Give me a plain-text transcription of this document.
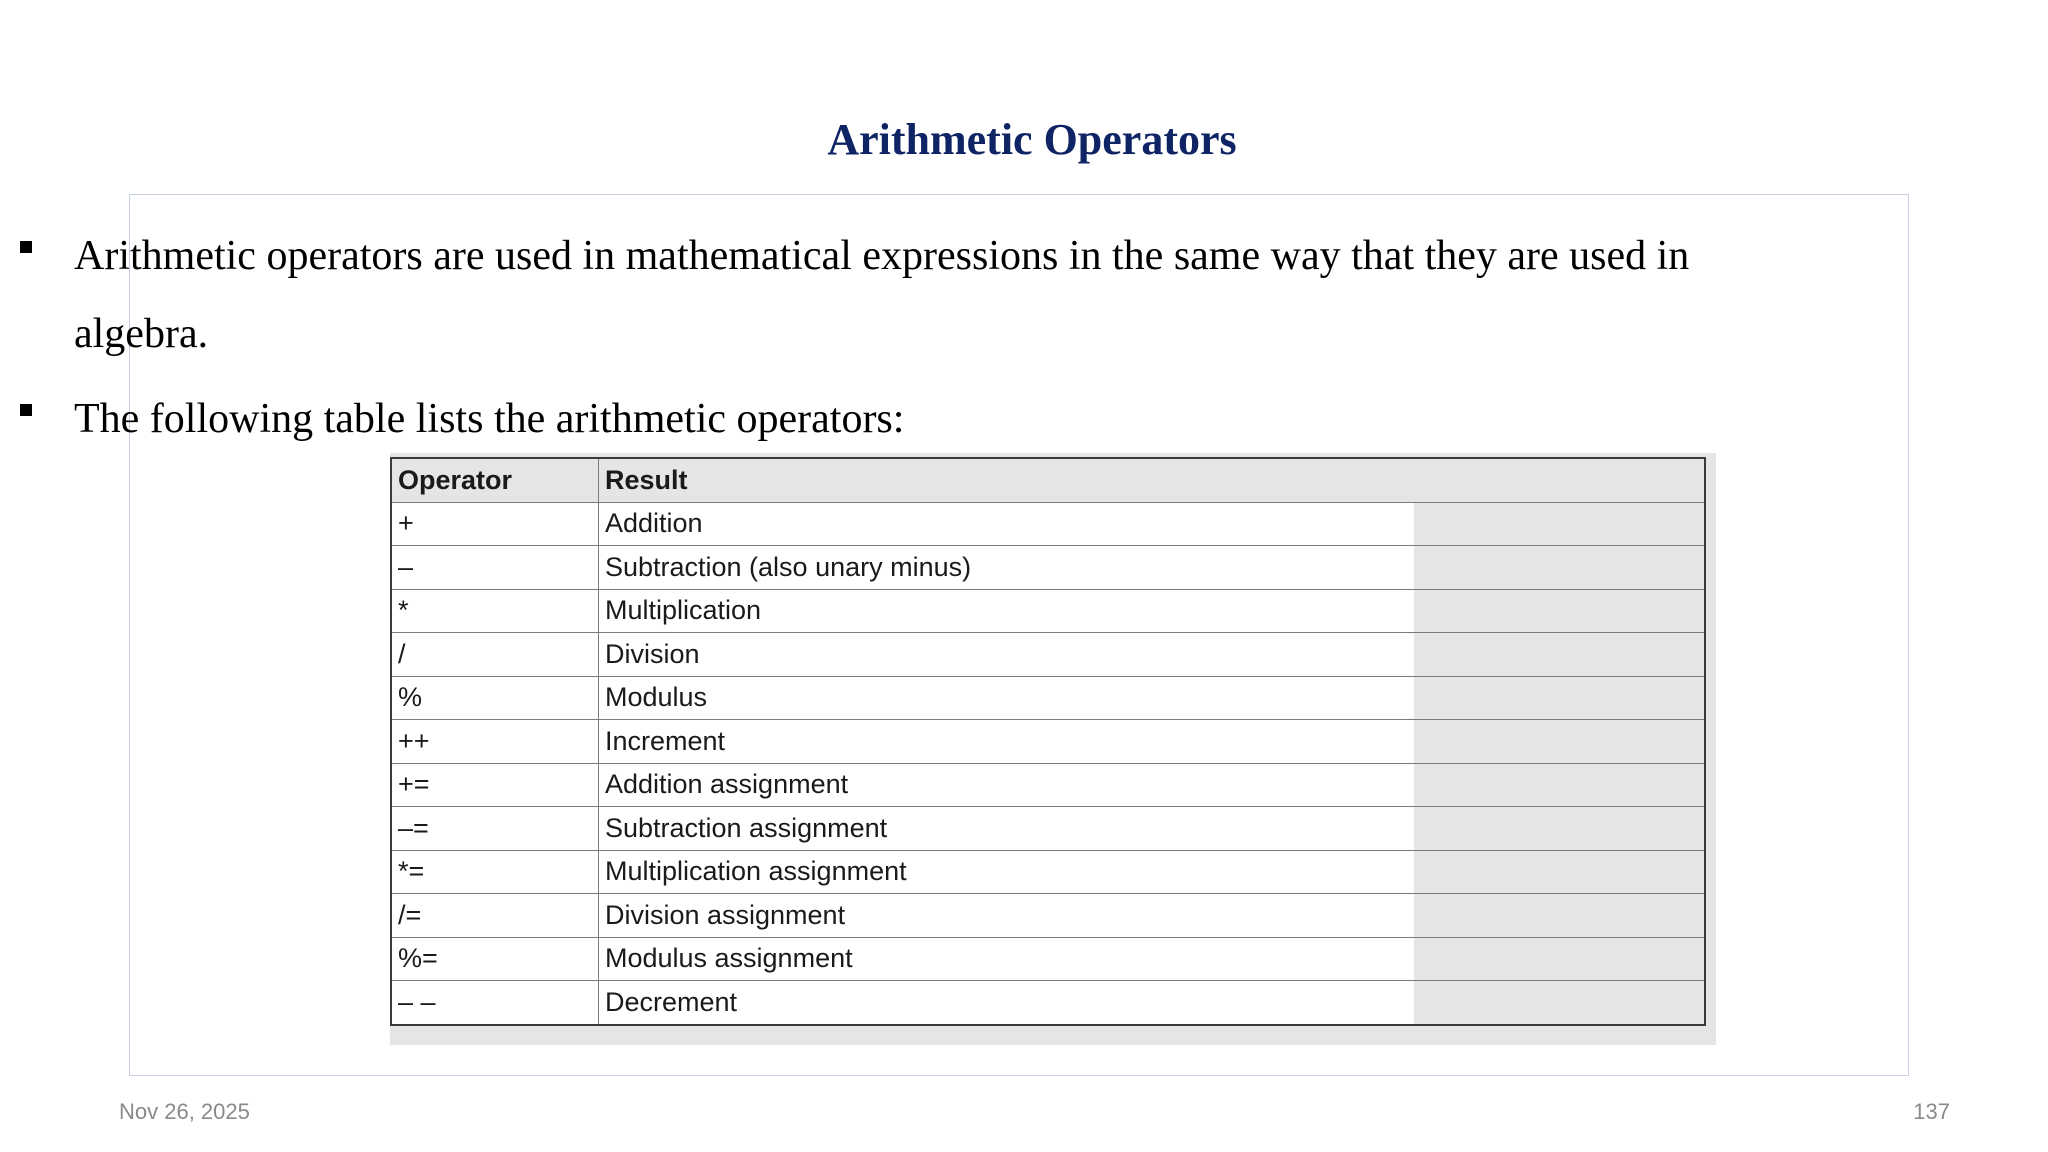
Arithmetic Operators
Arithmetic operators are used in mathematical expressions in the same way that they are used in algebra.
The following table lists the arithmetic operators:
Operator	Result	
+	Addition	
–	Subtraction (also unary minus)	
*	Multiplication	
/	Division	
%	Modulus	
++	Increment	
+=	Addition assignment	
–=	Subtraction assignment	
*=	Multiplication assignment	
/=	Division assignment	
%=	Modulus assignment	
– –	Decrement	
Nov 26, 2025	137
